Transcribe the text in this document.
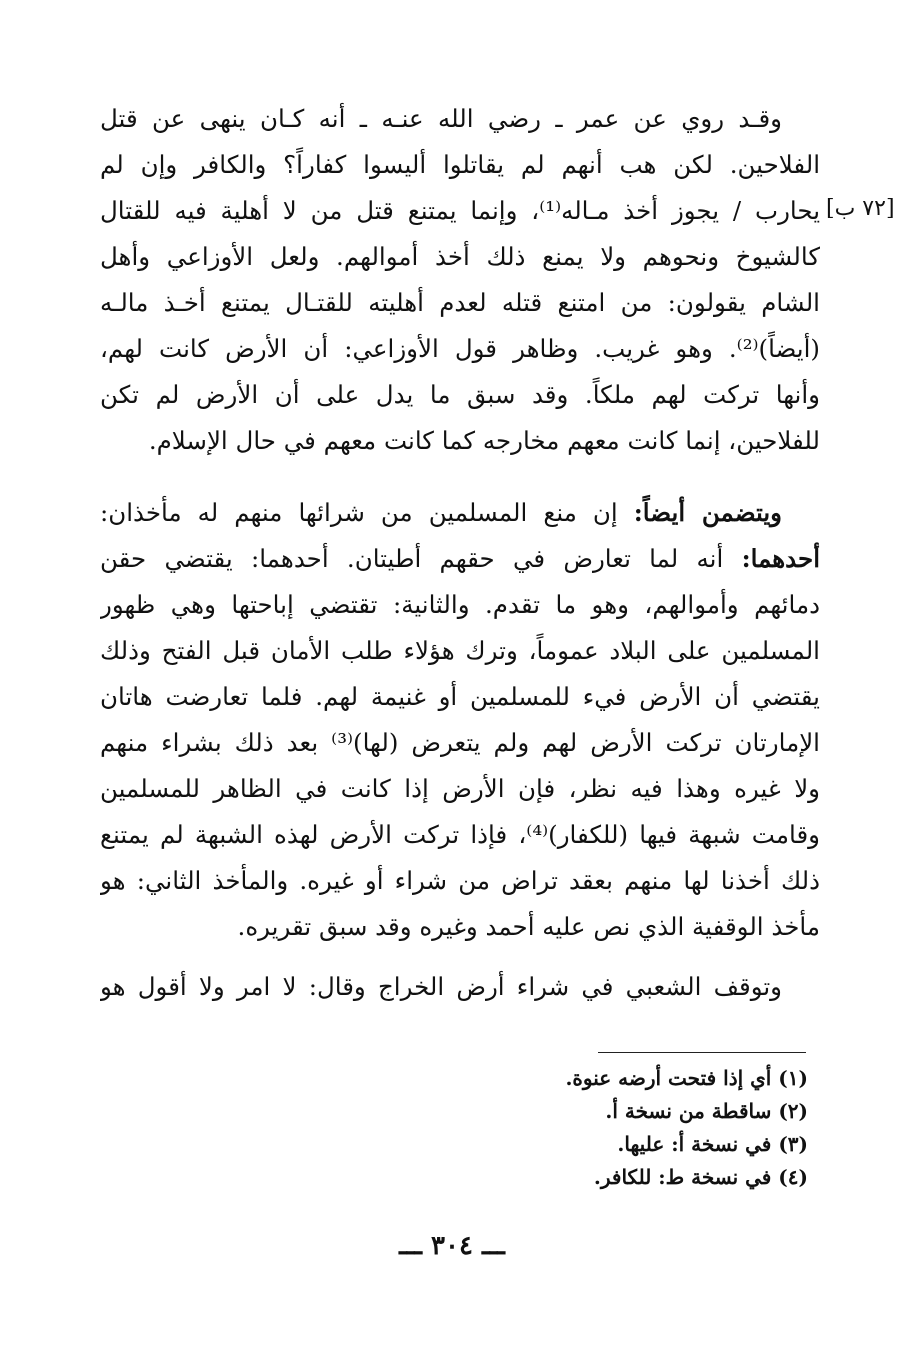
[٧٢ ب]
وقـد روي عن عمر ـ رضي الله عنـه ـ أنه كـان ينهى عن قتل
الفلاحين. لكن هب أنهم لم يقاتلوا أليسوا كفاراً؟ والكافر وإن لم
يحارب / يجوز أخذ مـاله⁽¹⁾، وإنما يمتنع قتل من لا أهلية فيه للقتال
كالشيوخ ونحوهم ولا يمنع ذلك أخذ أموالهم. ولعل الأوزاعي وأهل
الشام يقولون: من امتنع قتله لعدم أهليته للقتـال يمتنع أخـذ مالـه
(أيضاً)⁽²⁾. وهو غريب. وظاهر قول الأوزاعي: أن الأرض كانت لهم،
وأنها تركت لهم ملكاً. وقد سبق ما يدل على أن الأرض لم تكن
للفلاحين، إنما كانت معهم مخارجه كما كانت معهم في حال الإسلام.
ويتضمن أيضاً: إن منع المسلمين من شرائها منهم له مأخذان:
أحدهما: أنه لما تعارض في حقهم أطيتان. أحدهما: يقتضي حقن
دمائهم وأموالهم، وهو ما تقدم. والثانية: تقتضي إباحتها وهي ظهور
المسلمين على البلاد عموماً، وترك هؤلاء طلب الأمان قبل الفتح وذلك
يقتضي أن الأرض فيء للمسلمين أو غنيمة لهم. فلما تعارضت هاتان
الإمارتان تركت الأرض لهم ولم يتعرض (لها)⁽³⁾ بعد ذلك بشراء منهم
ولا غيره وهذا فيه نظر، فإن الأرض إذا كانت في الظاهر للمسلمين
وقامت شبهة فيها (للكفار)⁽⁴⁾، فإذا تركت الأرض لهذه الشبهة لم يمتنع
ذلك أخذنا لها منهم بعقد تراض من شراء أو غيره. والمأخذ الثاني: هو
مأخذ الوقفية الذي نص عليه أحمد وغيره وقد سبق تقريره.
وتوقف الشعبي في شراء أرض الخراج وقال: لا امر ولا أقول هو
(١) أي إذا فتحت أرضه عنوة.
(٢) ساقطة من نسخة أ.
(٣) في نسخة أ: عليها.
(٤) في نسخة ط: للكافر.
ـــ ٣٠٤ ـــ
